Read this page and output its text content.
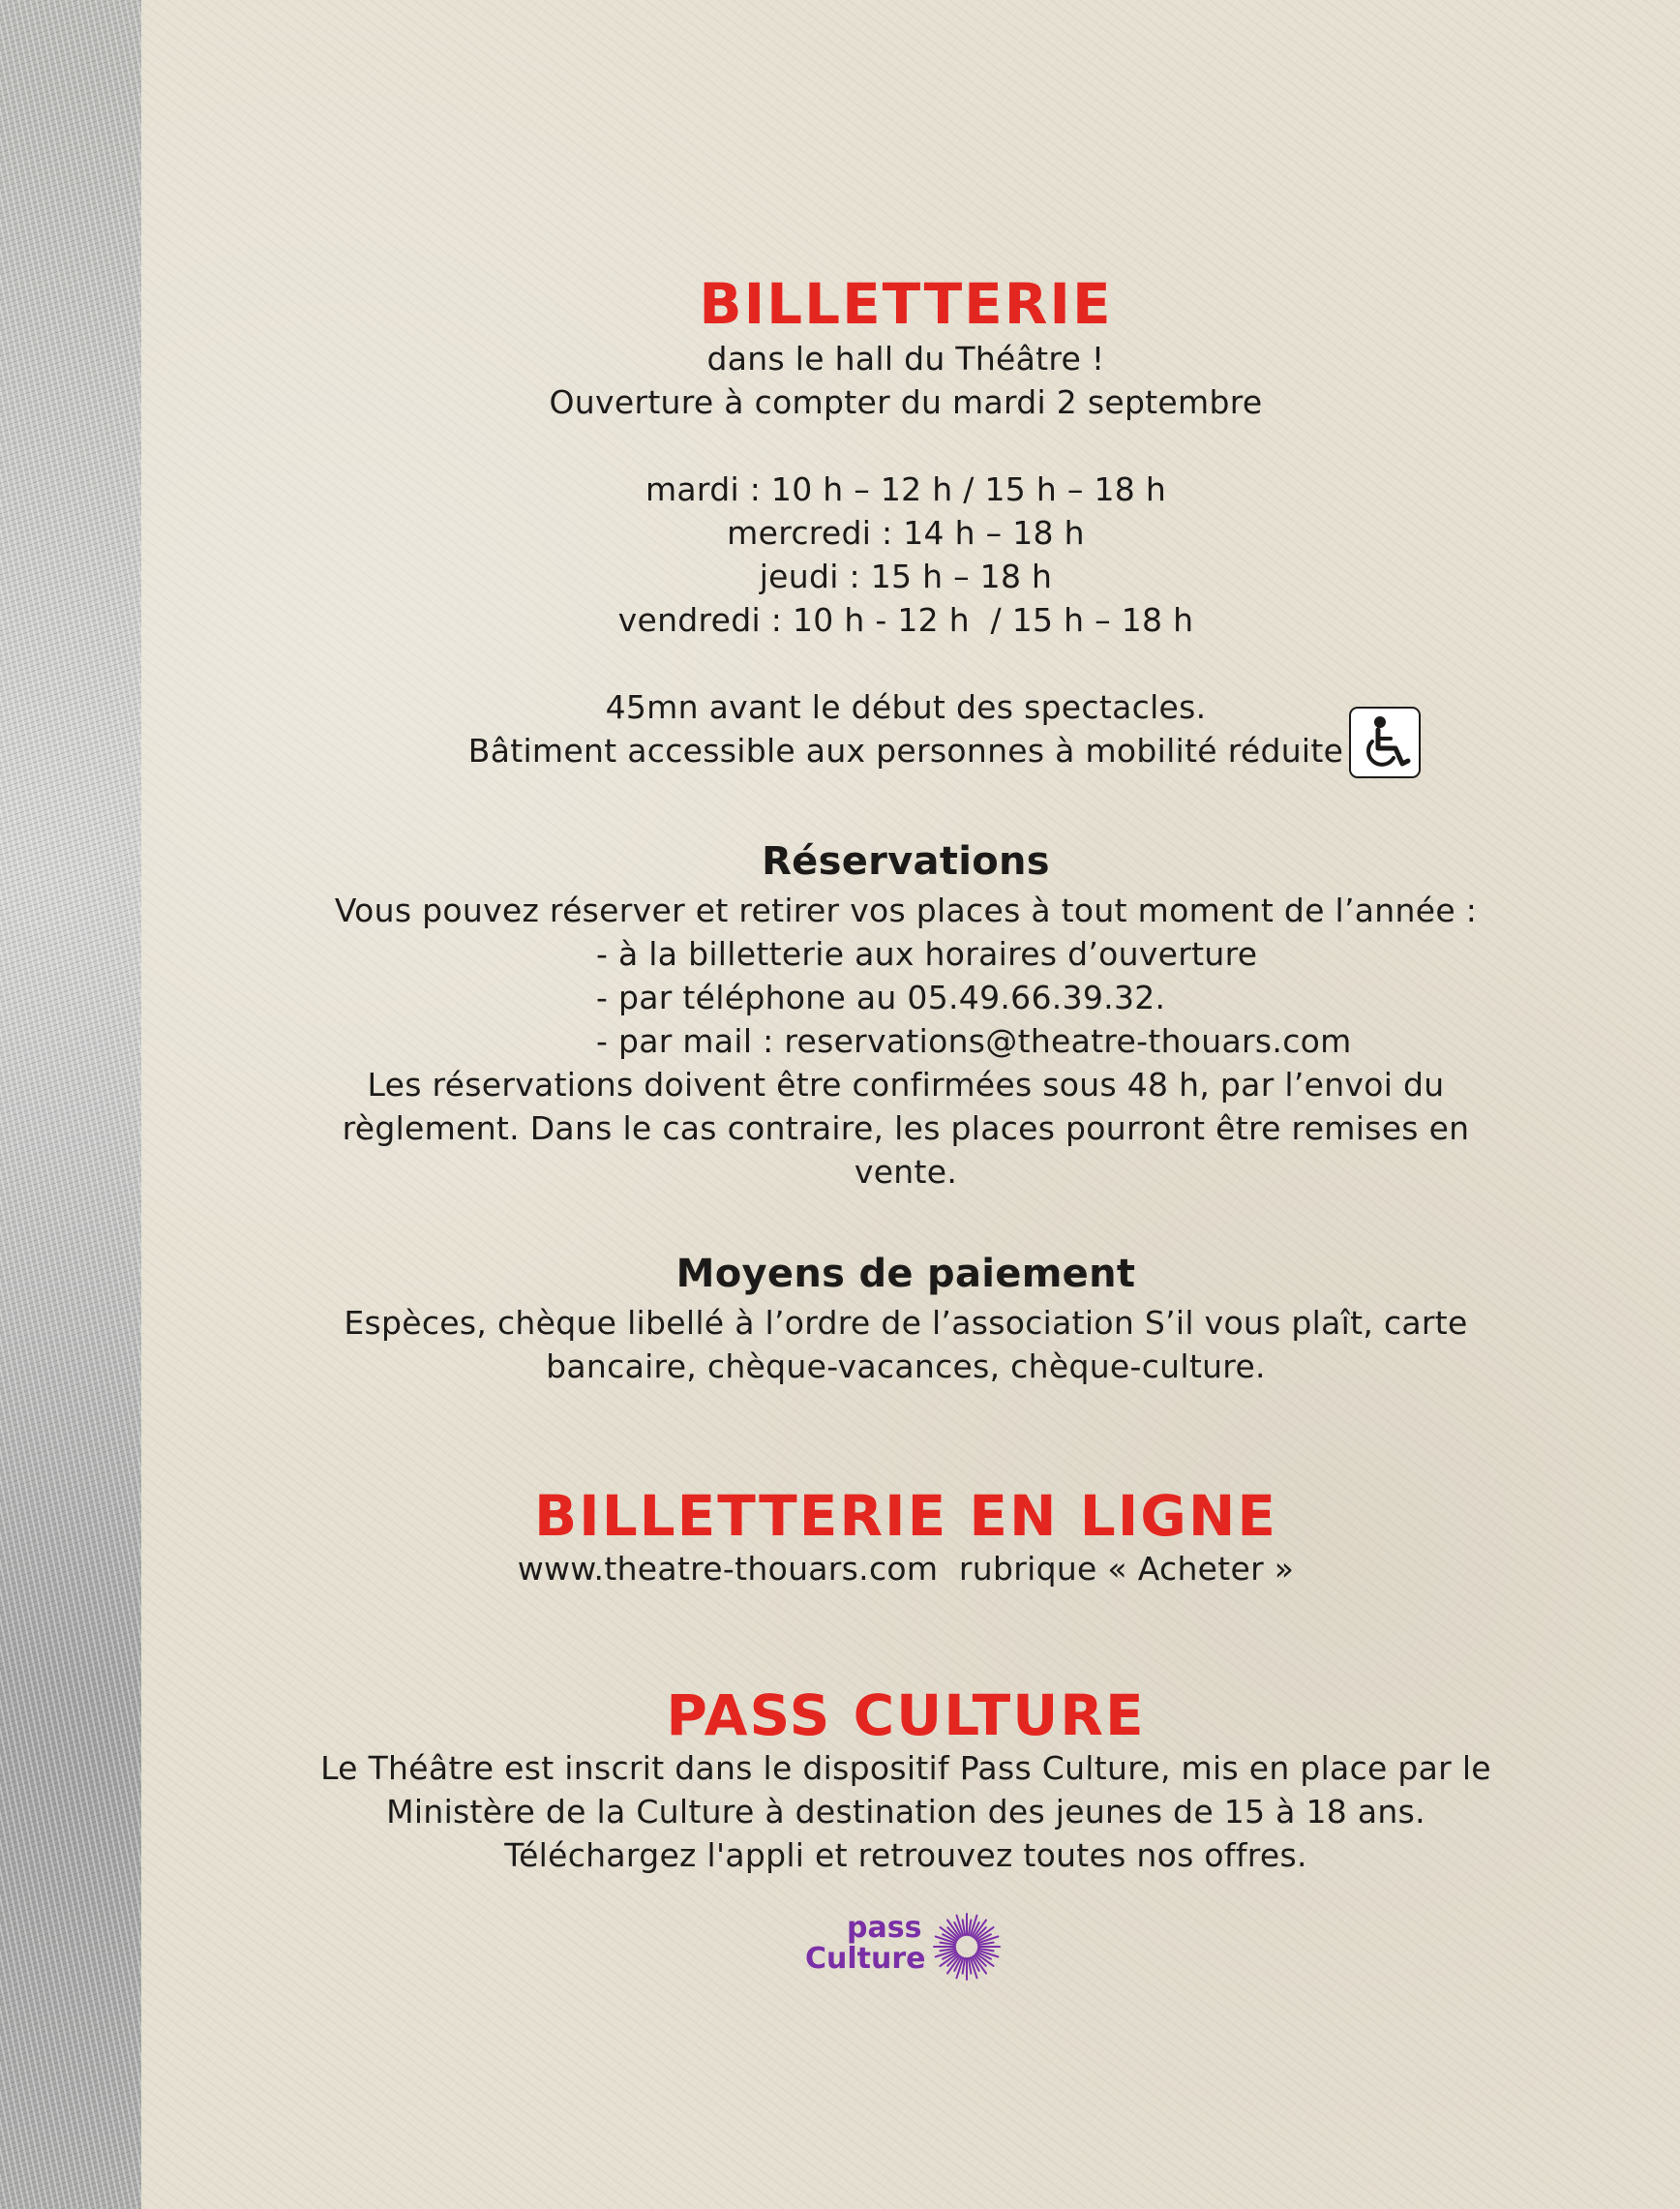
BILLETTERIE
dans le hall du Théâtre !
Ouverture à compter du mardi 2 septembre
mardi : 10 h – 12 h / 15 h – 18 h
mercredi : 14 h – 18 h
jeudi : 15 h – 18 h
vendredi : 10 h - 12 h  / 15 h – 18 h
45mn avant le début des spectacles.
Bâtiment accessible aux personnes à mobilité réduite
Réservations
Vous pouvez réserver et retirer vos places à tout moment de l’année :
- à la billetterie aux horaires d’ouverture
- par téléphone au 05.49.66.39.32.
- par mail : reservations@theatre-thouars.com
Les réservations doivent être confirmées sous 48 h, par l’envoi du
règlement. Dans le cas contraire, les places pourront être remises en
vente.
Moyens de paiement
Espèces, chèque libellé à l’ordre de l’association S’il vous plaît, carte
bancaire, chèque-vacances, chèque-culture.
BILLETTERIE EN LIGNE
www.theatre-thouars.com  rubrique « Acheter »
PASS CULTURE
Le Théâtre est inscrit dans le dispositif Pass Culture, mis en place par le
Ministère de la Culture à destination des jeunes de 15 à 18 ans.
Téléchargez l'appli et retrouvez toutes nos offres.
pass
Culture
